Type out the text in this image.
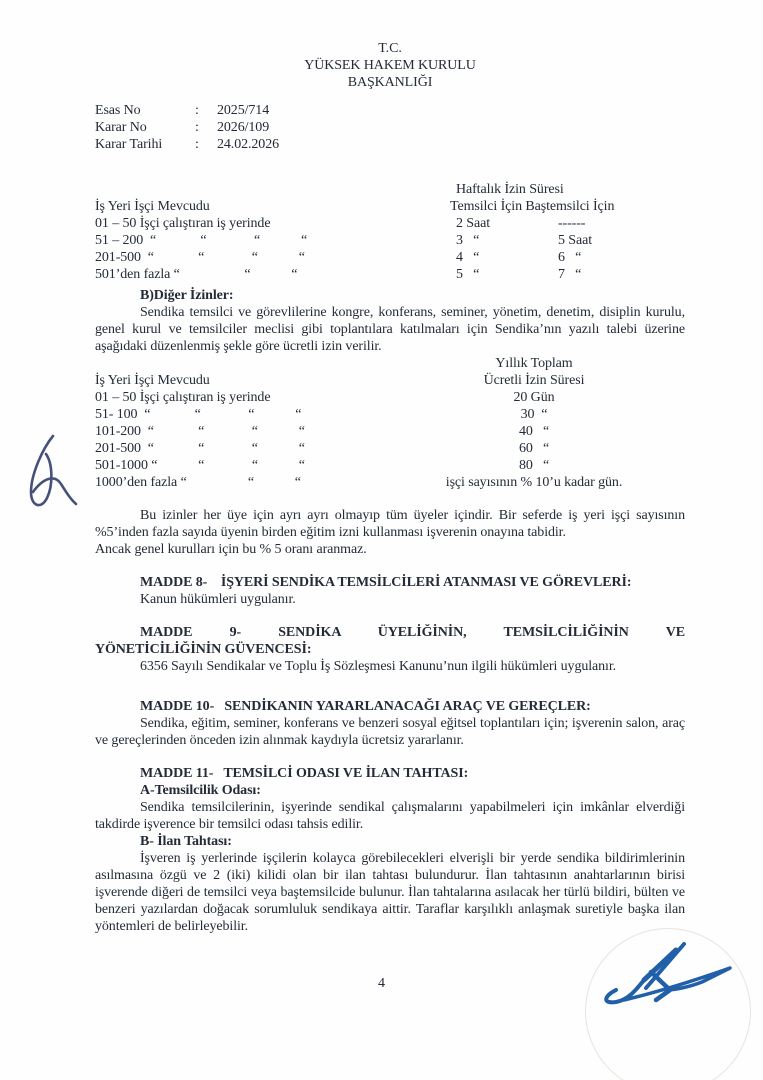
T.C.
YÜKSEK HAKEM KURULU
BAŞKANLIĞI
Esas No	:	2025/714
Karar No	:	2026/109
Karar Tarihi	:	24.02.2026
Haftalık İzin Süresi
İş Yeri İşçi Mevcudu	Temsilci İçin Baştemsilci İçin
01 – 50 İşçi çalıştıran iş yerinde	2 Saat	------
51 – 200  “             “              “            “	3   “	5 Saat
201-500  “             “              “            “	4   “	6   “
501’den fazla “                   “            “	5   “	7   “
B)Diğer İzinler:
Sendika temsilci ve görevlilerine kongre, konferans, seminer, yönetim, denetim, disiplin kurulu, genel kurul ve temsilciler meclisi gibi toplantılara katılmaları için Sendika’nın yazılı talebi üzerine aşağıdaki düzenlenmiş şekle göre ücretli izin verilir.
Yıllık Toplam
İş Yeri İşçi Mevcudu	Ücretli İzin Süresi
01 – 50 İşçi çalıştıran iş yerinde	20 Gün
51- 100  “             “              “            “	30  “
101-200  “             “              “            “	40   “
201-500  “             “              “            “	60   “
501-1000 “            “              “            “	80   “
1000’den fazla “                  “            “	işçi sayısının % 10’u kadar gün.
Bu izinler her üye için ayrı ayrı olmayıp tüm üyeler içindir. Bir seferde iş yeri işçi sayısının %5’inden fazla sayıda üyenin birden eğitim izni kullanması işverenin onayına tabidir.
Ancak genel kurulları için bu % 5 oranı aranmaz.
MADDE 8-    İŞYERİ SENDİKA TEMSİLCİLERİ ATANMASI VE GÖREVLERİ:
Kanun hükümleri uygulanır.
MADDE 9- SENDİKA ÜYELİĞİNİN, TEMSİLCİLİĞİNİN VE
YÖNETİCİLİĞİNİN GÜVENCESİ:
6356 Sayılı Sendikalar ve Toplu İş Sözleşmesi Kanunu’nun ilgili hükümleri uygulanır.
MADDE 10-   SENDİKANIN YARARLANACAĞI ARAÇ VE GEREÇLER:
Sendika, eğitim, seminer, konferans ve benzeri sosyal eğitsel toplantıları için; işverenin salon, araç ve gereçlerinden önceden izin alınmak kaydıyla ücretsiz yararlanır.
MADDE 11-   TEMSİLCİ ODASI VE İLAN TAHTASI:
A-Temsilcilik Odası:
Sendika temsilcilerinin, işyerinde sendikal çalışmalarını yapabilmeleri için imkânlar elverdiği takdirde işverence bir temsilci odası tahsis edilir.
B- İlan Tahtası:
İşveren iş yerlerinde işçilerin kolayca görebilecekleri elverişli bir yerde sendika bildirimlerinin asılmasına özgü ve 2 (iki) kilidi olan bir ilan tahtası bulundurur. İlan tahtasının anahtarlarının birisi işverende diğeri de temsilci veya baştemsilcide bulunur. İlan tahtalarına asılacak her türlü bildiri, bülten ve benzeri yazılardan doğacak sorumluluk sendikaya aittir. Taraflar karşılıklı anlaşmak suretiyle başka ilan yöntemleri de belirleyebilir.
4
